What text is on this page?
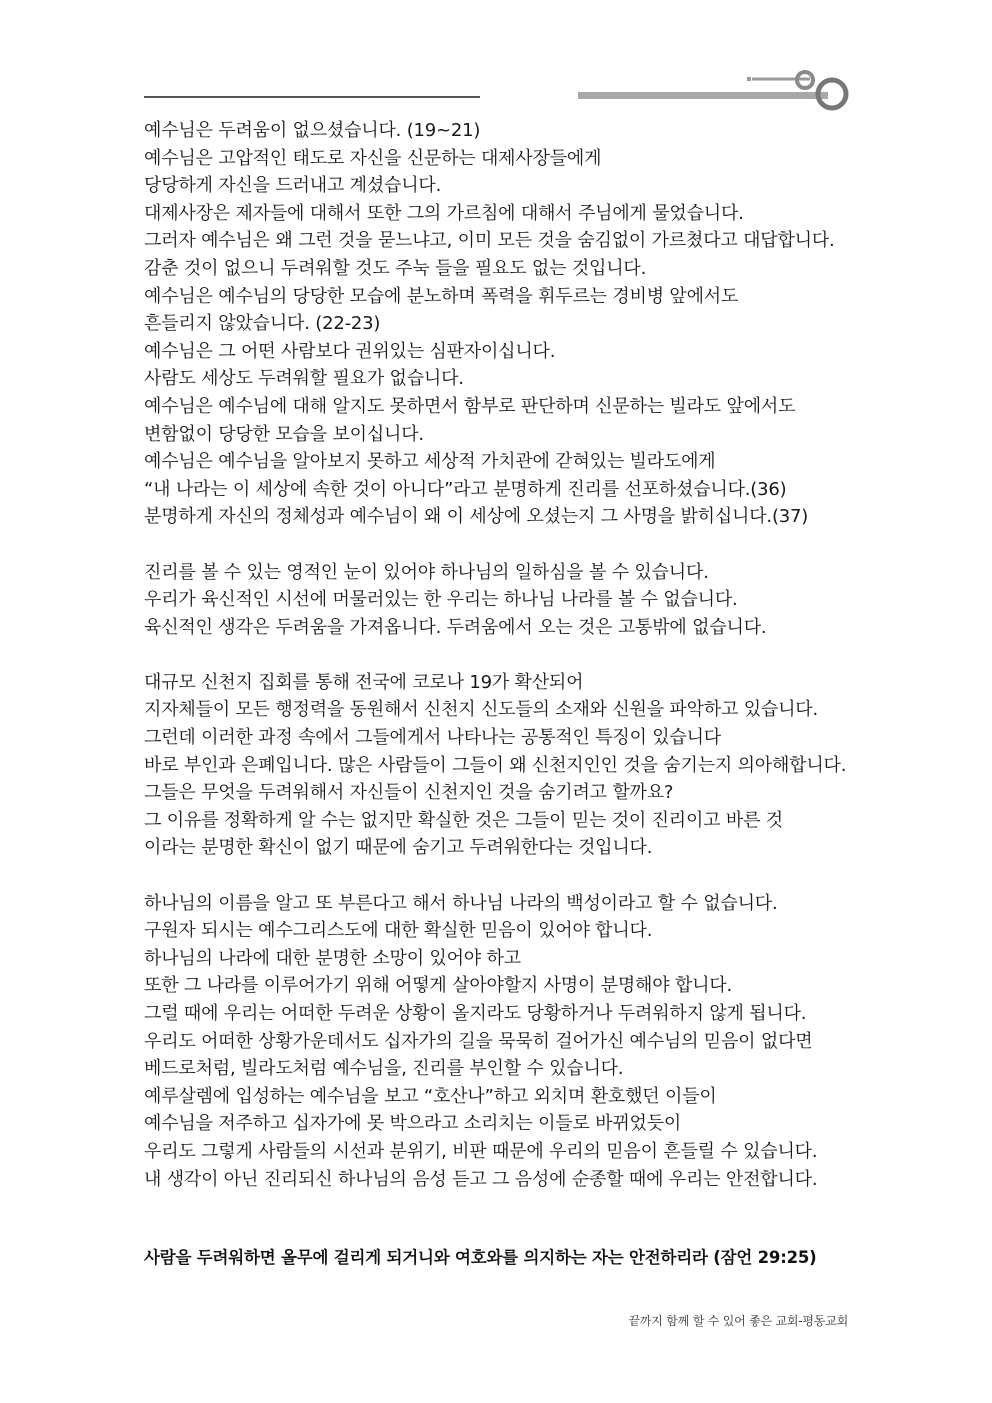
예수님은 두려움이 없으셨습니다. (19~21)
예수님은 고압적인 태도로 자신을 신문하는 대제사장들에게
당당하게 자신을 드러내고 계셨습니다.
대제사장은 제자들에 대해서 또한 그의 가르침에 대해서 주님에게 물었습니다.
그러자 예수님은 왜 그런 것을 묻느냐고, 이미 모든 것을 숨김없이 가르쳤다고 대답합니다.
감춘 것이 없으니 두려워할 것도 주눅 들을 필요도 없는 것입니다.
예수님은 예수님의 당당한 모습에 분노하며 폭력을 휘두르는 경비병 앞에서도
흔들리지 않았습니다. (22-23)
예수님은 그 어떤 사람보다 권위있는 심판자이십니다.
사람도 세상도 두려워할 필요가 없습니다.
예수님은 예수님에 대해 알지도 못하면서 함부로 판단하며 신문하는 빌라도 앞에서도
변함없이 당당한 모습을 보이십니다.
예수님은 예수님을 알아보지 못하고 세상적 가치관에 갇혀있는 빌라도에게
“내 나라는 이 세상에 속한 것이 아니다”라고 분명하게 진리를 선포하셨습니다.(36)
분명하게 자신의 정체성과 예수님이 왜 이 세상에 오셨는지 그 사명을 밝히십니다.(37)
진리를 볼 수 있는 영적인 눈이 있어야 하나님의 일하심을 볼 수 있습니다.
우리가 육신적인 시선에 머물러있는 한 우리는 하나님 나라를 볼 수 없습니다.
육신적인 생각은 두려움을 가져옵니다. 두려움에서 오는 것은 고통밖에 없습니다.
대규모 신천지 집회를 통해 전국에 코로나 19가 확산되어
지자체들이 모든 행정력을 동원해서 신천지 신도들의 소재와 신원을 파악하고 있습니다.
그런데 이러한 과정 속에서 그들에게서 나타나는 공통적인 특징이 있습니다
바로 부인과 은폐입니다. 많은 사람들이 그들이 왜 신천지인인 것을 숨기는지 의아해합니다.
그들은 무엇을 두려워해서 자신들이 신천지인 것을 숨기려고 할까요?
그 이유를 정확하게 알 수는 없지만 확실한 것은 그들이 믿는 것이 진리이고 바른 것
이라는 분명한 확신이 없기 때문에 숨기고 두려워한다는 것입니다.
하나님의 이름을 알고 또 부른다고 해서 하나님 나라의 백성이라고 할 수 없습니다.
구원자 되시는 예수그리스도에 대한 확실한 믿음이 있어야 합니다.
하나님의 나라에 대한 분명한 소망이 있어야 하고
또한 그 나라를 이루어가기 위해 어떻게 살아야할지 사명이 분명해야 합니다.
그럴 때에 우리는 어떠한 두려운 상황이 올지라도 당황하거나 두려워하지 않게 됩니다.
우리도 어떠한 상황가운데서도 십자가의 길을 묵묵히 걸어가신 예수님의 믿음이 없다면
베드로처럼, 빌라도처럼 예수님을, 진리를 부인할 수 있습니다.
예루살렘에 입성하는 예수님을 보고 “호산나”하고 외치며 환호했던 이들이
예수님을 저주하고 십자가에 못 박으라고 소리치는 이들로 바뀌었듯이
우리도 그렇게 사람들의 시선과 분위기, 비판 때문에 우리의 믿음이 흔들릴 수 있습니다.
내 생각이 아닌 진리되신 하나님의 음성 듣고 그 음성에 순종할 때에 우리는 안전합니다.
사람을 두려워하면 올무에 걸리게 되거니와 여호와를 의지하는 자는 안전하리라 (잠언 29:25)
끝까지 함께 할 수 있어 좋은 교회-평동교회
